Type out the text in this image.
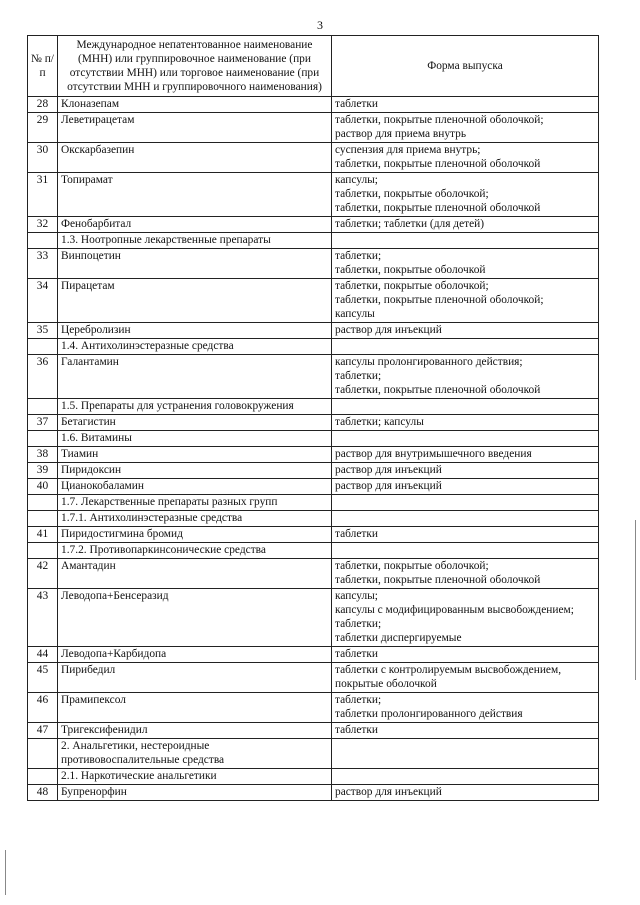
3
№ п/п	Международное непатентованное наименование (МНН) или группировочное наименование (при отсутствии МНН) или торговое наименование (при отсутствии МНН и группировочного наименования)	Форма выпуска
28	Клоназепам	таблетки

29	Леветирацетам	таблетки, покрытые пленочной оболочкой;
раствор для приема внутрь

30	Окскарбазепин	суспензия для приема внутрь;
таблетки, покрытые пленочной оболочкой

31	Топирамат	капсулы;
таблетки, покрытые оболочкой;
таблетки, покрытые пленочной оболочкой

32	Фенобарбитал	таблетки; таблетки (для детей)

	1.3. Ноотропные лекарственные препараты	
33	Винпоцетин	таблетки;
таблетки, покрытые оболочкой

34	Пирацетам	таблетки, покрытые оболочкой;
таблетки, покрытые пленочной оболочкой;
капсулы

35	Церебролизин	раствор для инъекций

	1.4. Антихолинэстеразные средства	
36	Галантамин	капсулы пролонгированного действия;
таблетки;
таблетки, покрытые пленочной оболочкой

	1.5. Препараты для устранения головокружения	
37	Бетагистин	таблетки; капсулы

	1.6. Витамины	
38	Тиамин	раствор для внутримышечного введения

39	Пиридоксин	раствор для инъекций

40	Цианокобаламин	раствор для инъекций

	1.7. Лекарственные препараты разных групп	
	1.7.1. Антихолинэстеразные средства	
41	Пиридостигмина бромид	таблетки

	1.7.2. Противопаркинсонические средства	
42	Амантадин	таблетки, покрытые оболочкой;
таблетки, покрытые пленочной оболочкой

43	Леводопа+Бенсеразид	капсулы;
капсулы с модифицированным высвобождением;
таблетки;
таблетки диспергируемые

44	Леводопа+Карбидопа	таблетки

45	Пирибедил	таблетки с контролируемым высвобождением, покрытые оболочкой

46	Прамипексол	таблетки;
таблетки пролонгированного действия

47	Тригексифенидил	таблетки

	2. Анальгетики, нестероидные противовоспалительные средства	
	2.1. Наркотические анальгетики	
48	Бупренорфин	раствор для инъекций
